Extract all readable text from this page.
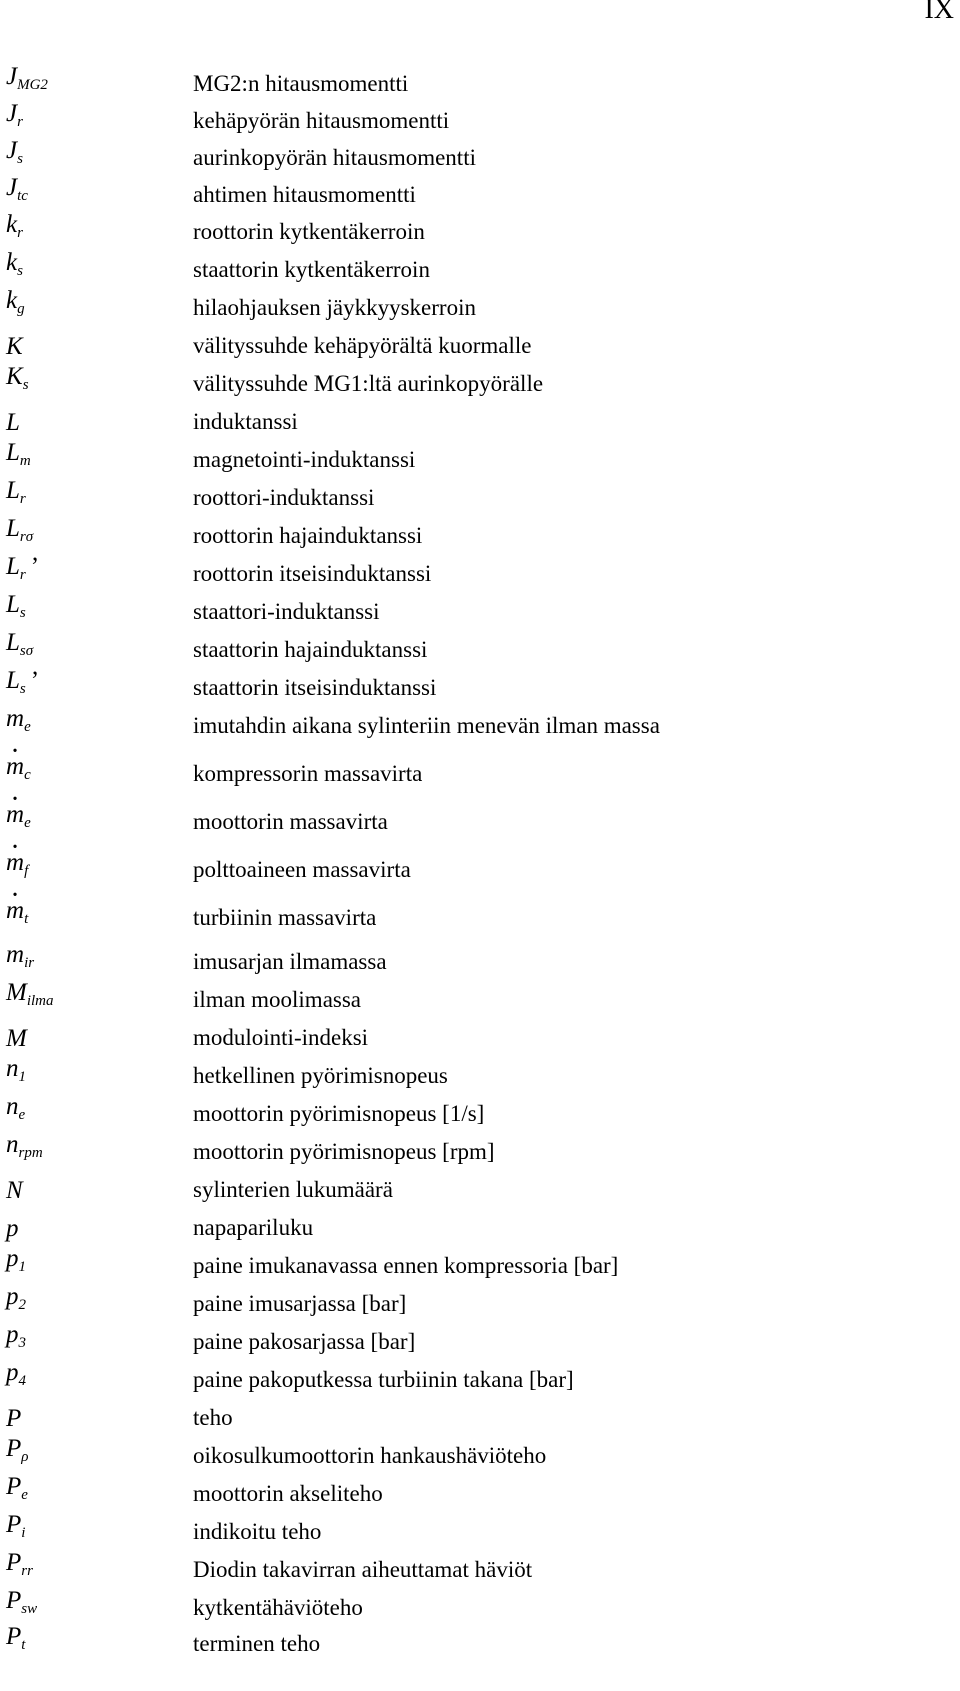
IX
$J_{MG2}$	MG2:n hitausmomentti
$J_r$	kehäpyörän hitausmomentti
$J_s$	aurinkopyörän hitausmomentti
$J_{tc}$	ahtimen hitausmomentti
$k_r$	roottorin kytkentäkerroin
$k_s$	staattorin kytkentäkerroin
$k_g$	hilaohjauksen jäykkyyskerroin
K	välityssuhde kehäpyörältä kuormalle
$K_s$	välityssuhde MG1:ltä aurinkopyörälle
L	induktanssi
$L_m$	magnetointi-induktanssi
$L_r$	roottori-induktanssi
$L_{r\sigma}$	roottorin hajainduktanssi
$L_r$ ’	roottorin itseisinduktanssi
$L_s$	staattori-induktanssi
$L_{s\sigma}$	staattorin hajainduktanssi
$L_s$ ’	staattorin itseisinduktanssi
$m_e$	imutahdin aikana sylinteriin menevän ilman massa
· $m_c$	kompressorin massavirta
· $m_e$	moottorin massavirta
· $m_f$	polttoaineen massavirta
· $m_t$	turbiinin massavirta
$m_{ir}$	imusarjan ilmamassa
$M_{ilma}$	ilman moolimassa
M	modulointi-indeksi
$n_1$	hetkellinen pyörimisnopeus
$n_e$	moottorin pyörimisnopeus [1/s]
$n_{rpm}$	moottorin pyörimisnopeus [rpm]
N	sylinterien lukumäärä
p	napapariluku
$p_1$	paine imukanavassa ennen kompressoria [bar]
$p_2$	paine imusarjassa [bar]
$p_3$	paine pakosarjassa [bar]
$p_4$	paine pakoputkessa turbiinin takana [bar]
P	teho
$P_\rho$	oikosulkumoottorin hankaushäviöteho
$P_e$	moottorin akseliteho
$P_i$	indikoitu teho
$P_{rr}$	Diodin takavirran aiheuttamat häviöt
$P_{sw}$	kytkentähäviöteho
$P_t$	terminen teho
